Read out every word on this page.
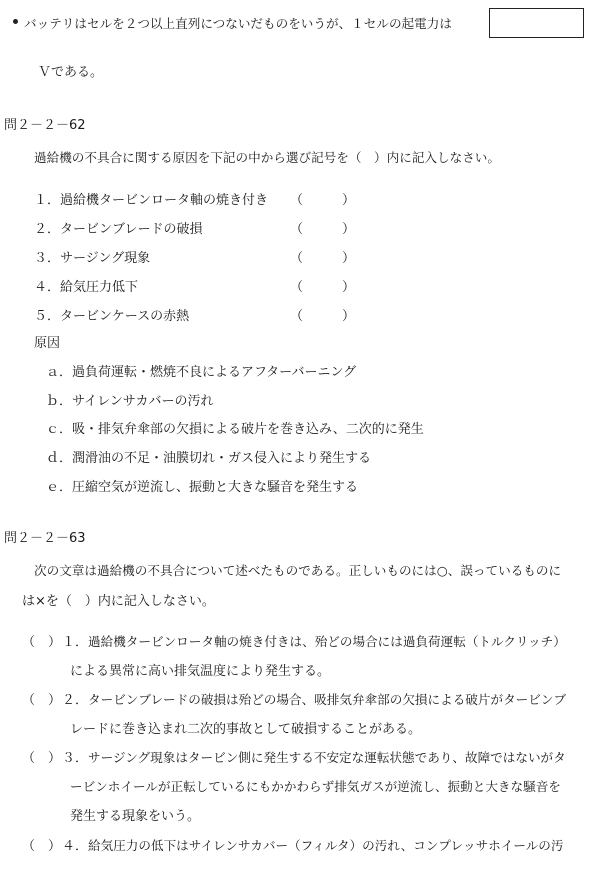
バッテリはセルを２つ以上直列につないだものをいうが、１セルの起電力は
Ｖである。
問２－２－62
過給機の不具合に関する原因を下記の中から選び記号を（　）内に記入しなさい。
１． 過給機タービンロータ軸の焼き付き （　　　）
２． タービンブレードの破損	（　　　）
３． サージング現象	（　　　）
４． 給気圧力低下	（　　　）
５． タービンケースの赤熱	（　　　）
原因
ａ． 過負荷運転・燃焼不良によるアフターバーニング
ｂ． サイレンサカバーの汚れ
ｃ． 吸・排気弁傘部の欠損による破片を巻き込み、二次的に発生
ｄ． 潤滑油の不足・油膜切れ・ガス侵入により発生する
ｅ． 圧縮空気が逆流し、振動と大きな騒音を発生する
問２－２－63
次の文章は過給機の不具合について述べたものである。正しいものには○、誤っているものに
は×を（　）内に記入しなさい。
（　） １． 過給機タービンロータ軸の焼き付きは、殆どの場合には過負荷運転（トルクリッチ）
による異常に高い排気温度により発生する。
（　） ２． タービンブレードの破損は殆どの場合、吸排気弁傘部の欠損による破片がタービンブ
レードに巻き込まれ二次的事故として破損することがある。
（　） ３． サージング現象はタービン側に発生する不安定な運転状態であり、故障ではないがタ
ービンホイールが正転しているにもかかわらず排気ガスが逆流し、振動と大きな騒音を
発生する現象をいう。
（　） ４． 給気圧力の低下はサイレンサカバー（フィルタ）の汚れ、コンプレッサホイールの汚
